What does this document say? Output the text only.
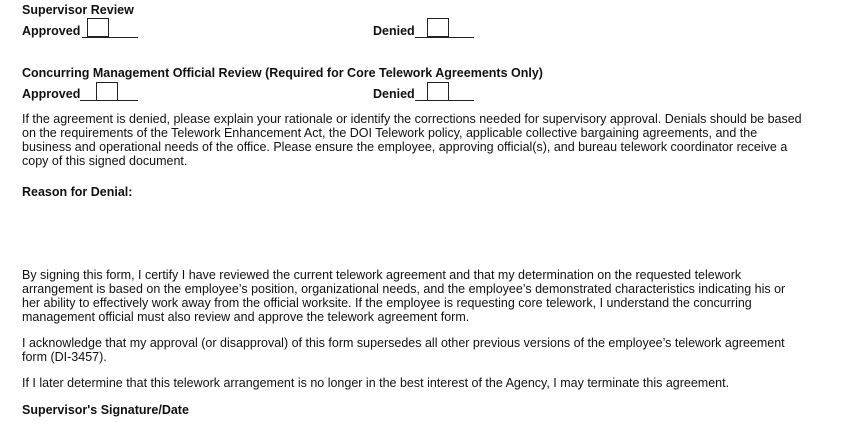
Supervisor Review
Approved	Denied
Concurring Management Official Review (Required for Core Telework Agreements Only)
Approved	Denied
If the agreement is denied, please explain your rationale or identify the corrections needed for supervisory approval. Denials should be based
on the requirements of the Telework Enhancement Act, the DOI Telework policy, applicable collective bargaining agreements, and the
business and operational needs of the office. Please ensure the employee, approving official(s), and bureau telework coordinator receive a
copy of this signed document.
Reason for Denial:
By signing this form, I certify I have reviewed the current telework agreement and that my determination on the requested telework
arrangement is based on the employee’s position, organizational needs, and the employee’s demonstrated characteristics indicating his or
her ability to effectively work away from the official worksite. If the employee is requesting core telework, I understand the concurring
management official must also review and approve the telework agreement form.
I acknowledge that my approval (or disapproval) of this form supersedes all other previous versions of the employee’s telework agreement
form (DI-3457).
If I later determine that this telework arrangement is no longer in the best interest of the Agency, I may terminate this agreement.
Supervisor's Signature/Date
